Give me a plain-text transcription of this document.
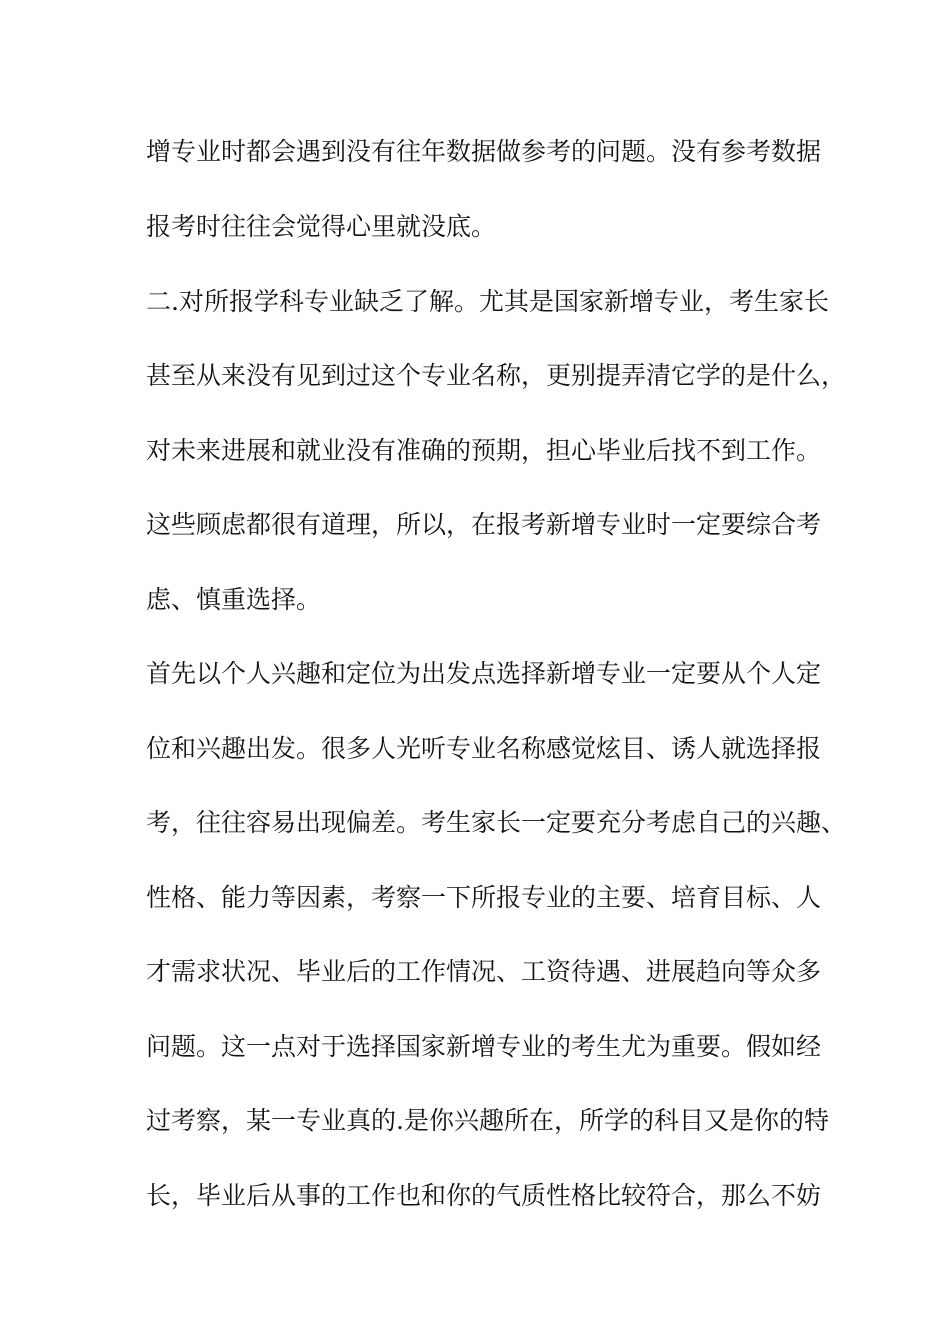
增专业时都会遇到没有往年数据做参考的问题。没有参考数据
报考时往往会觉得心里就没底。
二.对所报学科专业缺乏了解。尤其是国家新增专业，考生家长
甚至从来没有见到过这个专业名称，更别提弄清它学的是什么，
对未来进展和就业没有准确的预期，担心毕业后找不到工作。
这些顾虑都很有道理，所以，在报考新增专业时一定要综合考
虑、慎重选择。
首先以个人兴趣和定位为出发点选择新增专业一定要从个人定
位和兴趣出发。很多人光听专业名称感觉炫目、诱人就选择报
考，往往容易出现偏差。考生家长一定要充分考虑自己的兴趣、
性格、能力等因素，考察一下所报专业的主要、培育目标、人
才需求状况、毕业后的工作情况、工资待遇、进展趋向等众多
问题。这一点对于选择国家新增专业的考生尤为重要。假如经
过考察，某一专业真的.是你兴趣所在，所学的科目又是你的特
长，毕业后从事的工作也和你的气质性格比较符合，那么不妨
